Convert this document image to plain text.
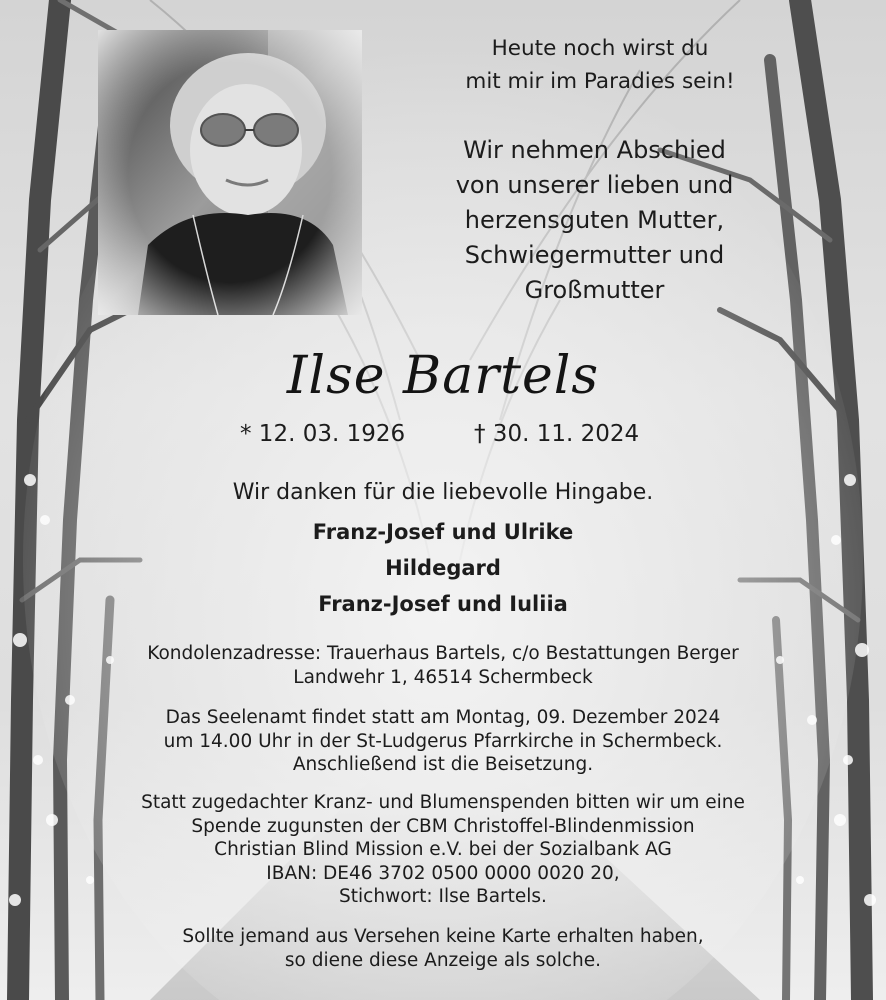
Heute noch wirst du
mit mir im Paradies sein!
Wir nehmen Abschied
von unserer lieben und
herzensguten Mutter,
Schwiegermutter und
Großmutter
Ilse Bartels
* 12. 03. 1926	† 30. 11. 2024
Wir danken für die liebevolle Hingabe.
Franz-Josef und Ulrike
Hildegard
Franz-Josef und Iuliia
Kondolenzadresse: Trauerhaus Bartels, c/o Bestattungen Berger
Landwehr 1, 46514 Schermbeck
Das Seelenamt findet statt am Montag, 09. Dezember 2024
um 14.00 Uhr in der St-Ludgerus Pfarrkirche in Schermbeck.
Anschließend ist die Beisetzung.
Statt zugedachter Kranz- und Blumenspenden bitten wir um eine
Spende zugunsten der CBM Christoffel-Blindenmission
Christian Blind Mission e.V. bei der Sozialbank AG
IBAN: DE46 3702 0500 0000 0020 20,
Stichwort: Ilse Bartels.
Sollte jemand aus Versehen keine Karte erhalten haben,
so diene diese Anzeige als solche.
